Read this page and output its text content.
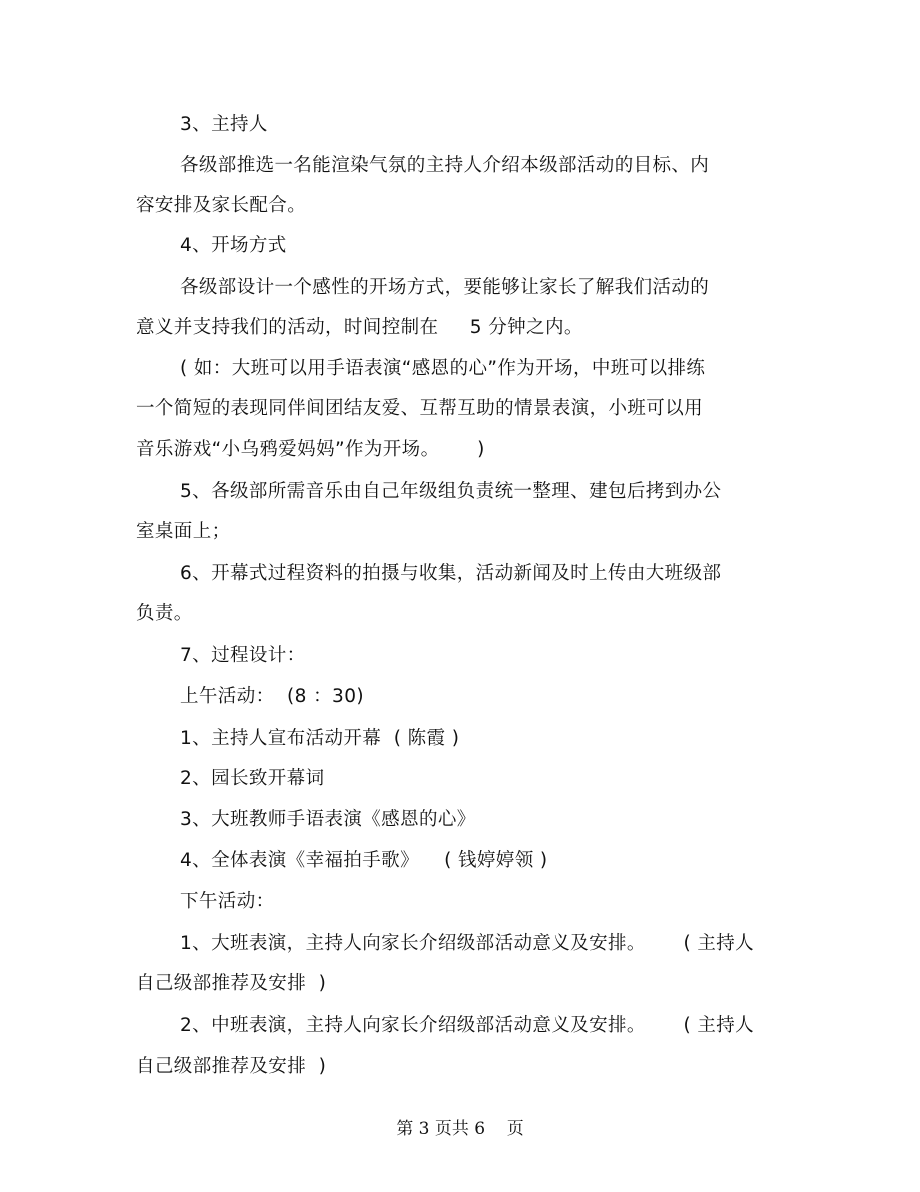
3、主持人
各级部推选一名能渲染气氛的主持人介绍本级部活动的目标、内
容安排及家长配合。
4、开场方式
各级部设计一个感性的开场方式，要能够让家长了解我们活动的
意义并支持我们的活动，时间控制在     5 分钟之内。
( 如：大班可以用手语表演“感恩的心”作为开场，中班可以排练
一个简短的表现同伴间团结友爱、互帮互助的情景表演，小班可以用
音乐游戏“小乌鸦爱妈妈”作为开场。      )
5、各级部所需音乐由自己年级组负责统一整理、建包后拷到办公
室桌面上；
6、开幕式过程资料的拍摄与收集，活动新闻及时上传由大班级部
负责。
7、过程设计：
上午活动：  (8 ：30)
1、主持人宣布活动开幕  ( 陈霞 )
2、园长致开幕词
3、大班教师手语表演《感恩的心》
4、全体表演《幸福拍手歌》    ( 钱婷婷领 )
下午活动：
1、大班表演，主持人向家长介绍级部活动意义及安排。      ( 主持人
自己级部推荐及安排  )
2、中班表演，主持人向家长介绍级部活动意义及安排。      ( 主持人
自己级部推荐及安排  )
第 3 页共 6    页
